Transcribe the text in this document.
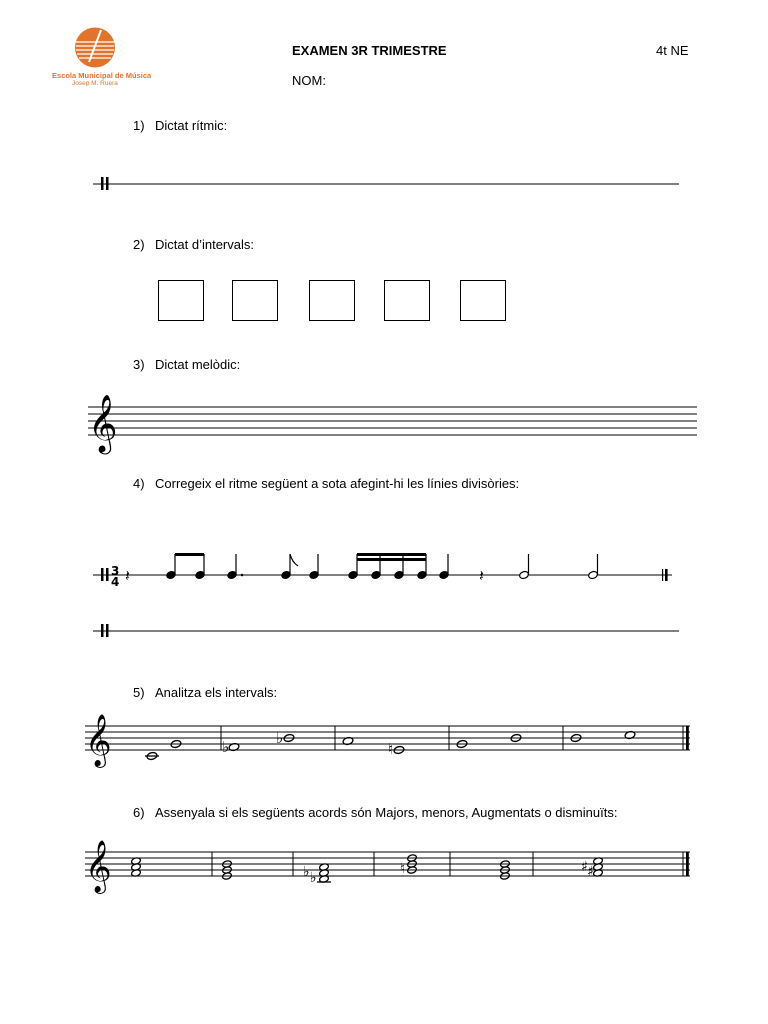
Escola Municipal de Música
Josep M. Ruera
EXAMEN 3R TRIMESTRE	4t NE
NOM:
1) Dictat rítmic:
2) Dictat d’intervals:
3) Dictat melòdic:
𝄞
4) Corregeix el ritme següent a sota afegint-hi les línies divisòries:
3
4 𝄽	𝄽
5) Analitza els intervals:
𝄞	♭	♭
♮
6) Assenyala si els següents acords són Majors, menors, Augmentats o disminuïts:
𝄞	♭ ♭
♮	♯ ♯
